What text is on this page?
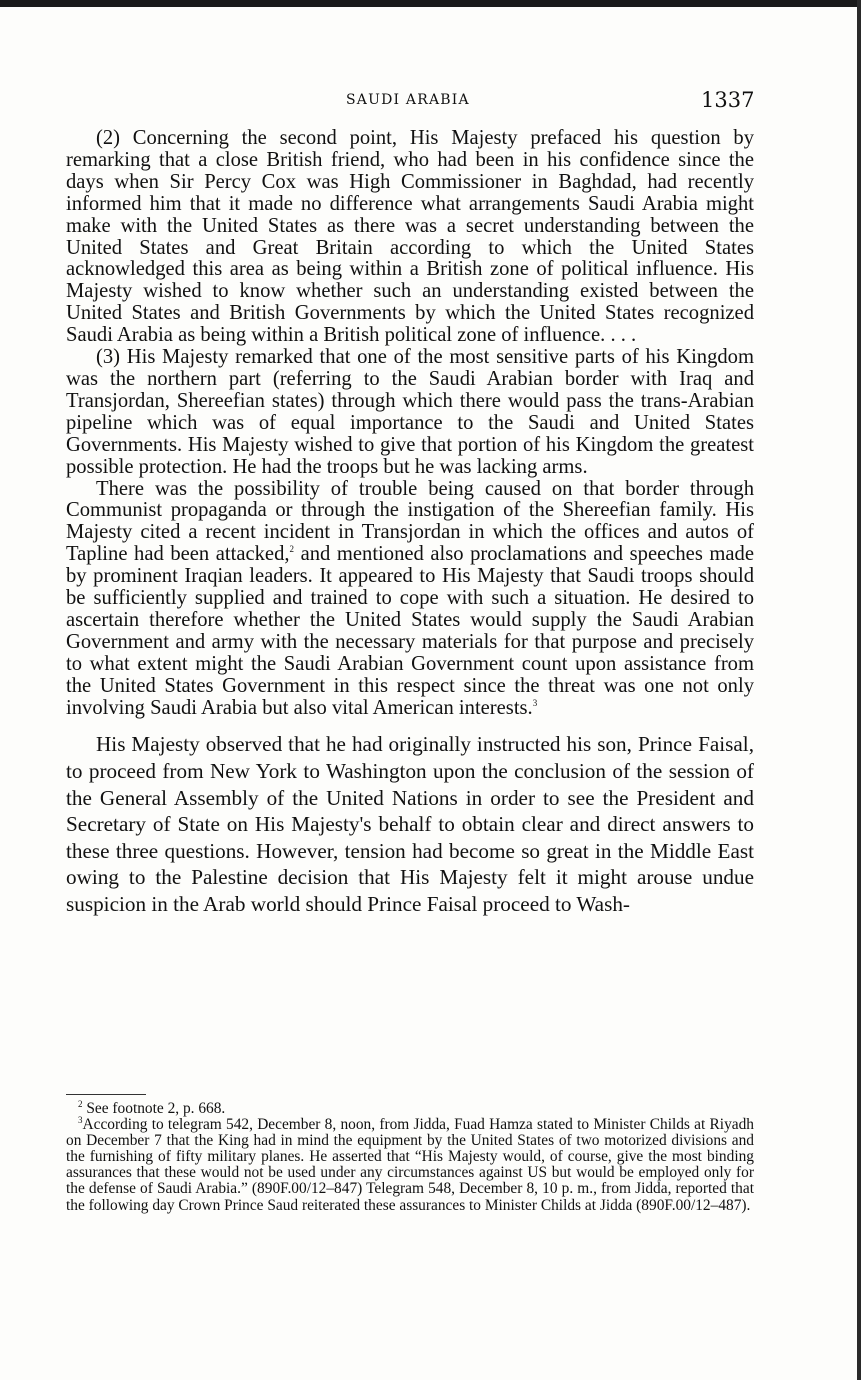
SAUDI ARABIA	1337

(2) Concerning the second point, His Majesty prefaced his question by remarking that a close British friend, who had been in his confidence since the days when Sir Percy Cox was High Commissioner in Baghdad, had recently informed him that it made no difference what arrangements Saudi Arabia might make with the United States as there was a secret understanding between the United States and Great Britain according to which the United States acknowledged this area as being within a British zone of political influence. His Majesty wished to know whether such an understanding existed between the United States and British Governments by which the United States recognized Saudi Arabia as being within a British political zone of influence. . . .

(3) His Majesty remarked that one of the most sensitive parts of his Kingdom was the northern part (referring to the Saudi Arabian border with Iraq and Transjordan, Shereefian states) through which there would pass the trans-Arabian pipeline which was of equal importance to the Saudi and United States Governments. His Majesty wished to give that portion of his Kingdom the greatest possible protection. He had the troops but he was lacking arms.

There was the possibility of trouble being caused on that border through Communist propaganda or through the instigation of the Shereefian family. His Majesty cited a recent incident in Transjordan in which the offices and autos of Tapline had been attacked,$^2$ and mentioned also proclamations and speeches made by prominent Iraqian leaders. It appeared to His Majesty that Saudi troops should be sufficiently supplied and trained to cope with such a situation. He desired to ascertain therefore whether the United States would supply the Saudi Arabian Government and army with the necessary materials for that purpose and precisely to what extent might the Saudi Arabian Government count upon assistance from the United States Government in this respect since the threat was one not only involving Saudi Arabia but also vital American interests.$^3$

His Majesty observed that he had originally instructed his son, Prince Faisal, to proceed from New York to Washington upon the conclusion of the session of the General Assembly of the United Nations in order to see the President and Secretary of State on His Majesty's behalf to obtain clear and direct answers to these three questions. However, tension had become so great in the Middle East owing to the Palestine decision that His Majesty felt it might arouse undue suspicion in the Arab world should Prince Faisal proceed to Wash-

$^2$ See footnote 2, p. 668.

$^3$According to telegram 542, December 8, noon, from Jidda, Fuad Hamza stated to Minister Childs at Riyadh on December 7 that the King had in mind the equipment by the United States of two motorized divisions and the furnishing of fifty military planes. He asserted that “His Majesty would, of course, give the most binding assurances that these would not be used under any circumstances against US but would be employed only for the defense of Saudi Arabia.” (890F.00/12–847) Telegram 548, December 8, 10 p. m., from Jidda, reported that the following day Crown Prince Saud reiterated these assurances to Minister Childs at Jidda (890F.00/12–487).
